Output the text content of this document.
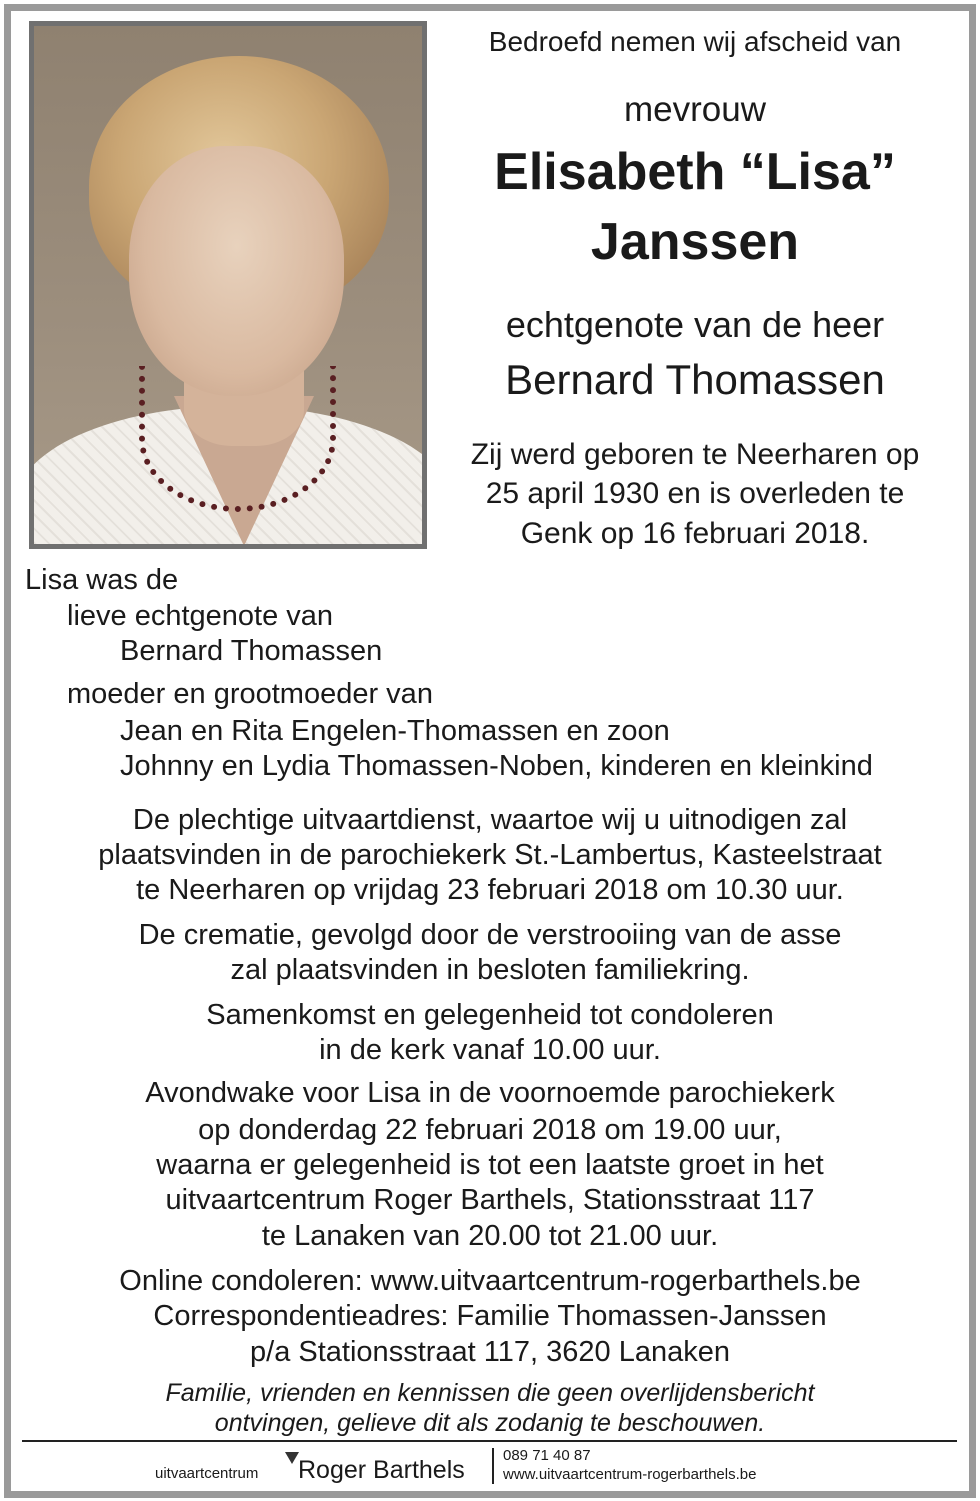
Bedroefd nemen wij afscheid van
mevrouw
Elisabeth “Lisa”
Janssen
echtgenote van de heer
Bernard Thomassen
Zij werd geboren te Neerharen op
25 april 1930 en is overleden te
Genk op 16 februari 2018.
Lisa was de
lieve echtgenote van
Bernard Thomassen
moeder en grootmoeder van
Jean en Rita Engelen-Thomassen en zoon
Johnny en Lydia Thomassen-Noben, kinderen en kleinkind
De plechtige uitvaartdienst, waartoe wij u uitnodigen zal
plaatsvinden in de parochiekerk St.-Lambertus, Kasteelstraat
te Neerharen op vrijdag 23 februari 2018 om 10.30 uur.
De crematie, gevolgd door de verstrooiing van de asse
zal plaatsvinden in besloten familiekring.
Samenkomst en gelegenheid tot condoleren
in de kerk vanaf 10.00 uur.
Avondwake voor Lisa in de voornoemde parochiekerk
op donderdag 22 februari 2018 om 19.00 uur,
waarna er gelegenheid is tot een laatste groet in het
uitvaartcentrum Roger Barthels, Stationsstraat 117
te Lanaken van 20.00 tot 21.00 uur.
Online condoleren: www.uitvaartcentrum-rogerbarthels.be
Correspondentieadres: Familie Thomassen-Janssen
p/a Stationsstraat 117, 3620 Lanaken
Familie, vrienden en kennissen die geen overlijdensbericht
ontvingen, gelieve dit als zodanig te beschouwen.
uitvaartcentrum Roger Barthels
089 71 40 87
www.uitvaartcentrum-rogerbarthels.be
